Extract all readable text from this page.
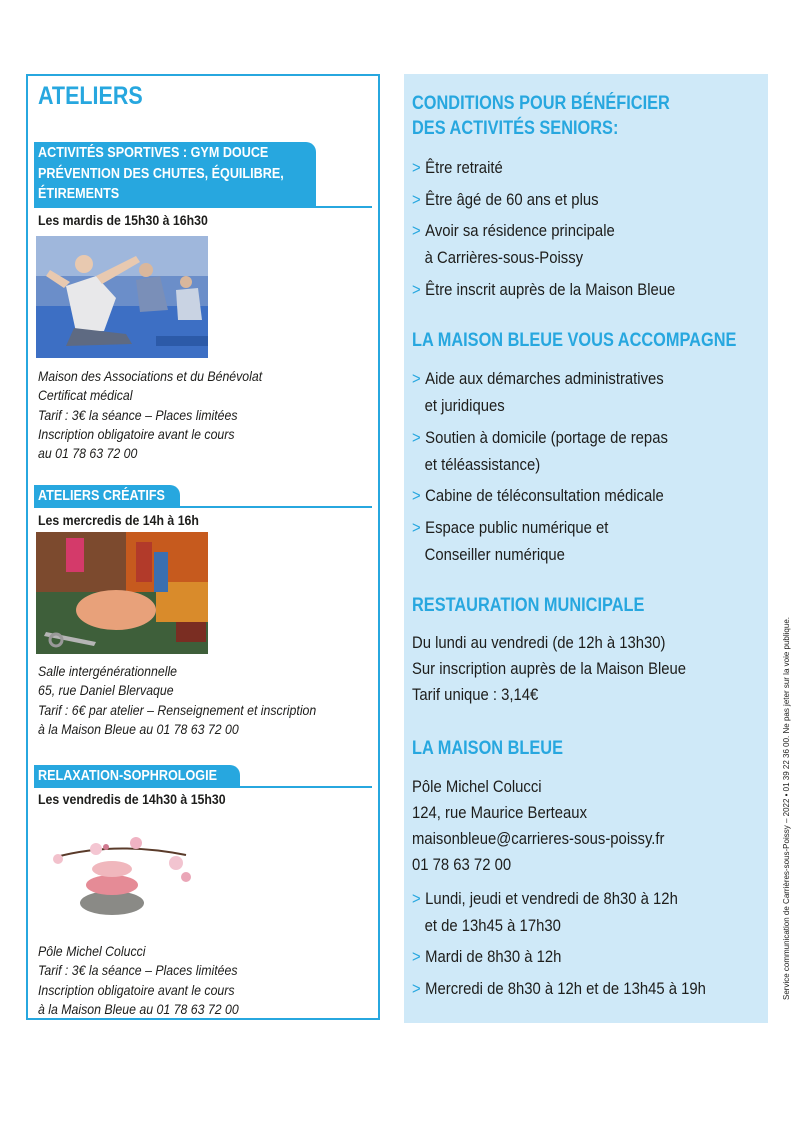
ATELIERS
ACTIVITÉS SPORTIVES : GYM DOUCE
PRÉVENTION DES CHUTES, ÉQUILIBRE,
ÉTIREMENTS
Les mardis de 15h30 à 16h30
Maison des Associations et du Bénévolat
Certificat médical
Tarif : 3€ la séance – Places limitées
Inscription obligatoire avant le cours
au 01 78 63 72 00
ATELIERS CRÉATIFS
Les mercredis de 14h à 16h
Salle intergénérationnelle
65, rue Daniel Blervaque
Tarif : 6€ par atelier – Renseignement et inscription
à la Maison Bleue au 01 78 63 72 00
RELAXATION-SOPHROLOGIE
Les vendredis de 14h30 à 15h30
Pôle Michel Colucci
Tarif : 3€ la séance – Places limitées
Inscription obligatoire avant le cours
à la Maison Bleue au 01 78 63 72 00
CONDITIONS POUR BÉNÉFICIER
DES ACTIVITÉS SENIORS:
> Être retraité
> Être âgé de 60 ans et plus
> Avoir sa résidence principale
à Carrières-sous-Poissy
> Être inscrit auprès de la Maison Bleue
LA MAISON BLEUE VOUS ACCOMPAGNE
> Aide aux démarches administratives
et juridiques
> Soutien à domicile (portage de repas
et téléassistance)
> Cabine de téléconsultation médicale
> Espace public numérique et
Conseiller numérique
RESTAURATION MUNICIPALE
Du lundi au vendredi (de 12h à 13h30)
Sur inscription auprès de la Maison Bleue
Tarif unique : 3,14€
LA MAISON BLEUE
Pôle Michel Colucci
124, rue Maurice Berteaux
maisonbleue@carrieres-sous-poissy.fr
01 78 63 72 00
> Lundi, jeudi et vendredi de 8h30 à 12h
et de 13h45 à 17h30
> Mardi de 8h30 à 12h
> Mercredi de 8h30 à 12h et de 13h45 à 19h	Service communication de Carrières-sous-Poissy – 2022 • 01 39 22 36 00. Ne pas jeter sur la voie publique.
